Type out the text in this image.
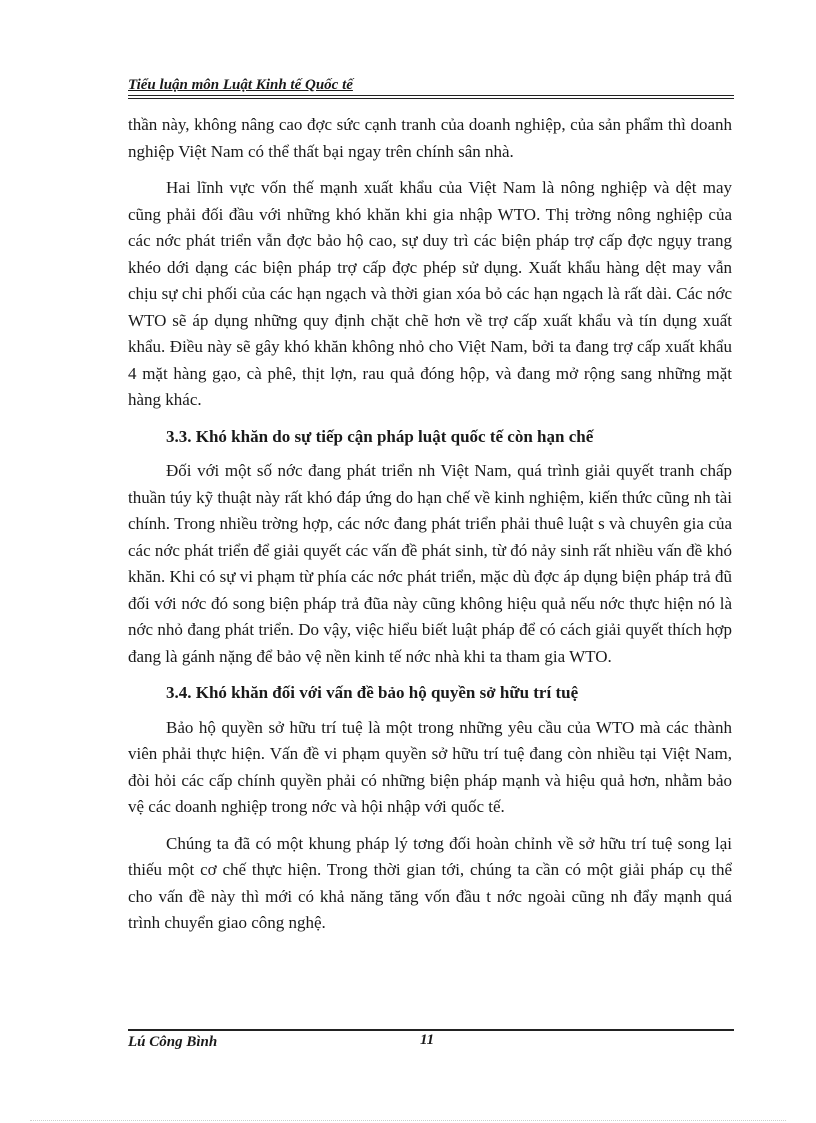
Tiểu luận môn Luật Kinh tế Quốc tế

thần này, không nâng cao đợc sức cạnh tranh của doanh nghiệp, của sản phẩm thì doanh nghiệp Việt Nam có thể thất bại ngay trên chính sân nhà.

Hai lĩnh vực vốn thế mạnh xuất khẩu của Việt Nam là nông nghiệp và dệt may cũng phải đối đầu với những khó khăn khi gia nhập WTO. Thị trờng nông nghiệp của các nớc phát triển vẫn đợc bảo hộ cao, sự duy trì các biện pháp trợ cấp đợc ngụy trang khéo dới dạng các biện pháp trợ cấp đợc phép sử dụng. Xuất khẩu hàng dệt may vẫn chịu sự chi phối của các hạn ngạch và thời gian xóa bỏ các hạn ngạch là rất dài. Các nớc WTO sẽ áp dụng những quy định chặt chẽ hơn về trợ cấp xuất khẩu và tín dụng xuất khẩu. Điều này sẽ gây khó khăn không nhỏ cho Việt Nam, bởi ta đang trợ cấp xuất khẩu 4 mặt hàng gạo, cà phê, thịt lợn, rau quả đóng hộp, và đang mở rộng sang những mặt hàng khác.

3.3. Khó khăn do sự tiếp cận pháp luật quốc tế còn hạn chế

Đối với một số nớc đang phát triển nh Việt Nam, quá trình giải quyết tranh chấp thuần túy kỹ thuật này rất khó đáp ứng do hạn chế về kinh nghiệm, kiến thức cũng nh tài chính. Trong nhiều trờng hợp, các nớc đang phát triển phải thuê luật s và chuyên gia của các nớc phát triển để giải quyết các vấn đề phát sinh, từ đó nảy sinh rất nhiều vấn đề khó khăn. Khi có sự vi phạm từ phía các nớc phát triển, mặc dù đợc áp dụng biện pháp trả đũ đối với nớc đó song biện pháp trả đũa này cũng không hiệu quả nếu nớc thực hiện nó là nớc nhỏ đang phát triển. Do vậy, việc hiểu biết luật pháp để có cách giải quyết thích hợp đang là gánh nặng để bảo vệ nền kinh tế nớc nhà khi ta tham gia WTO.

3.4. Khó khăn đối với vấn đề bảo hộ quyền sở hữu trí tuệ

Bảo hộ quyền sở hữu trí tuệ là một trong những yêu cầu của WTO mà các thành viên phải thực hiện. Vấn đề vi phạm quyền sở hữu trí tuệ đang còn nhiều tại Việt Nam, đòi hỏi các cấp chính quyền phải có những biện pháp mạnh và hiệu quả hơn, nhằm bảo vệ các doanh nghiệp trong nớc và hội nhập với quốc tế.

Chúng ta đã có một khung pháp lý tơng đối hoàn chỉnh về sở hữu trí tuệ song lại thiếu một cơ chế thực hiện. Trong thời gian tới, chúng ta cần có một giải pháp cụ thể cho vấn đề này thì mới có khả năng tăng vốn đầu t nớc ngoài cũng nh đẩy mạnh quá trình chuyển giao công nghệ.

Lú Công Bình	11
